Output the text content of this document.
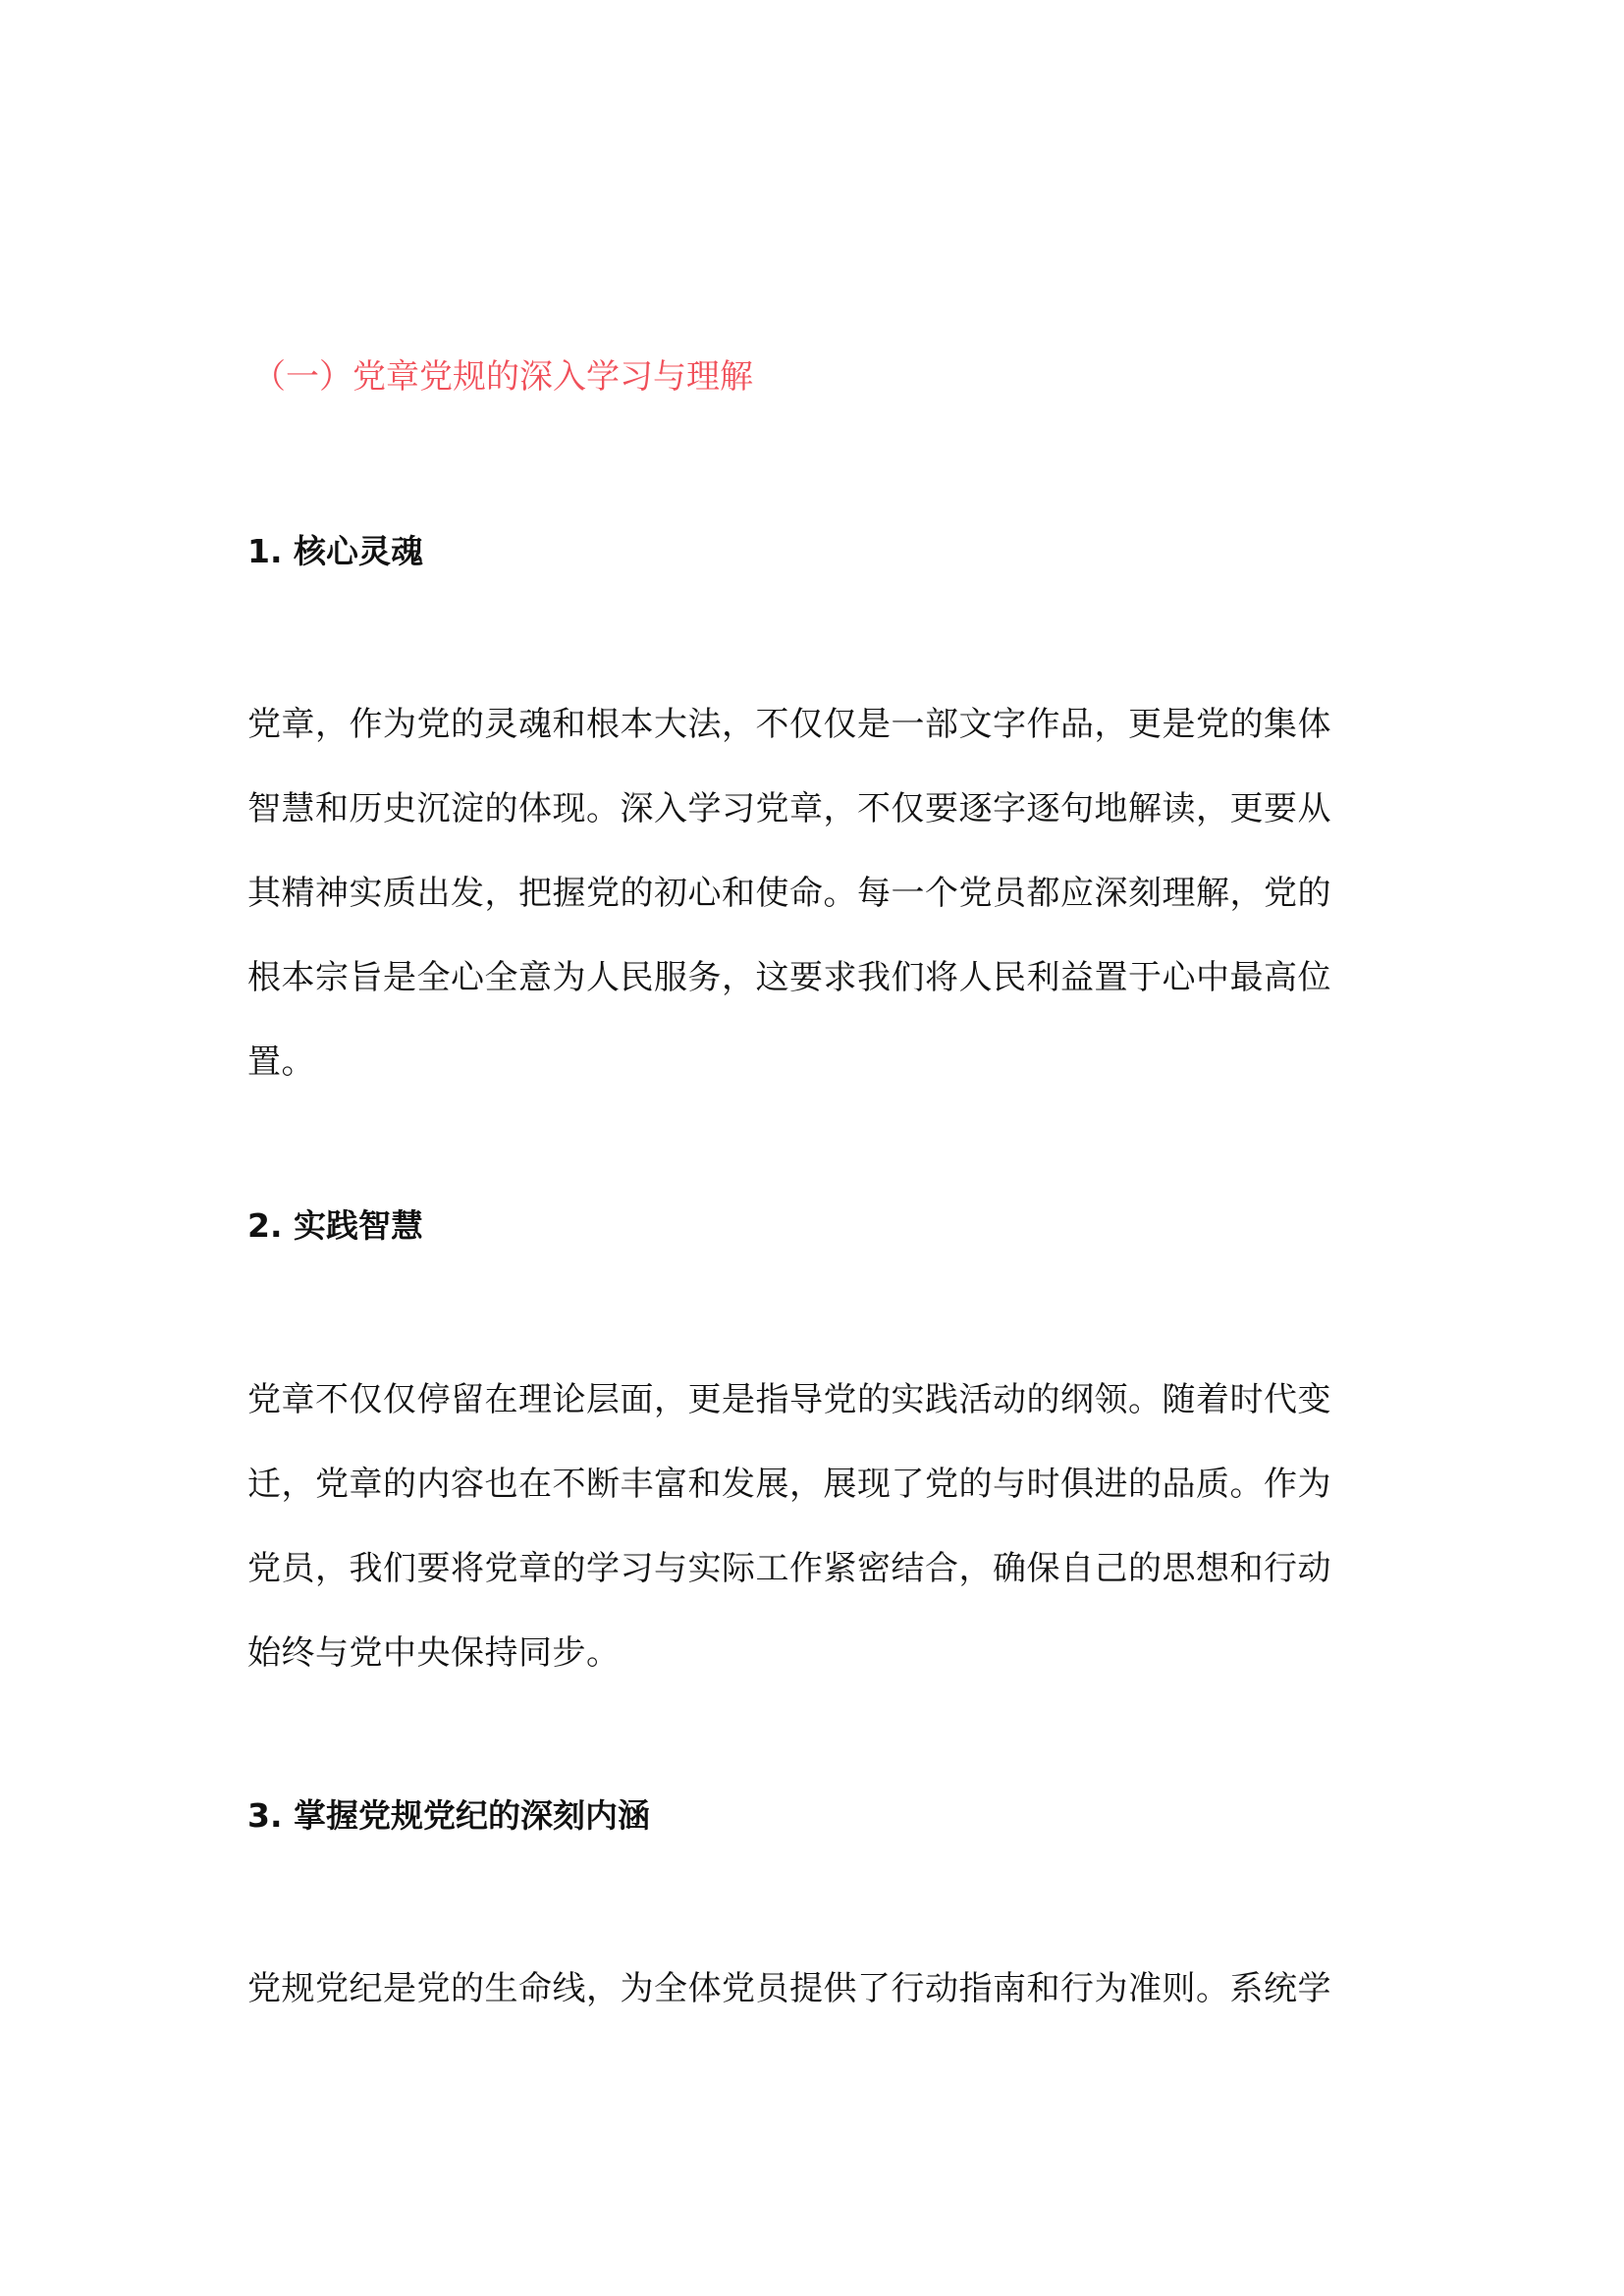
（一）党章党规的深入学习与理解
1. 核心灵魂
党章，作为党的灵魂和根本大法，不仅仅是一部文字作品，更是党的集体
智慧和历史沉淀的体现。深入学习党章，不仅要逐字逐句地解读，更要从
其精神实质出发，把握党的初心和使命。每一个党员都应深刻理解，党的
根本宗旨是全心全意为人民服务，这要求我们将人民利益置于心中最高位
置。
2. 实践智慧
党章不仅仅停留在理论层面，更是指导党的实践活动的纲领。随着时代变
迁，党章的内容也在不断丰富和发展，展现了党的与时俱进的品质。作为
党员，我们要将党章的学习与实际工作紧密结合，确保自己的思想和行动
始终与党中央保持同步。
3. 掌握党规党纪的深刻内涵
党规党纪是党的生命线，为全体党员提供了行动指南和行为准则。系统学
